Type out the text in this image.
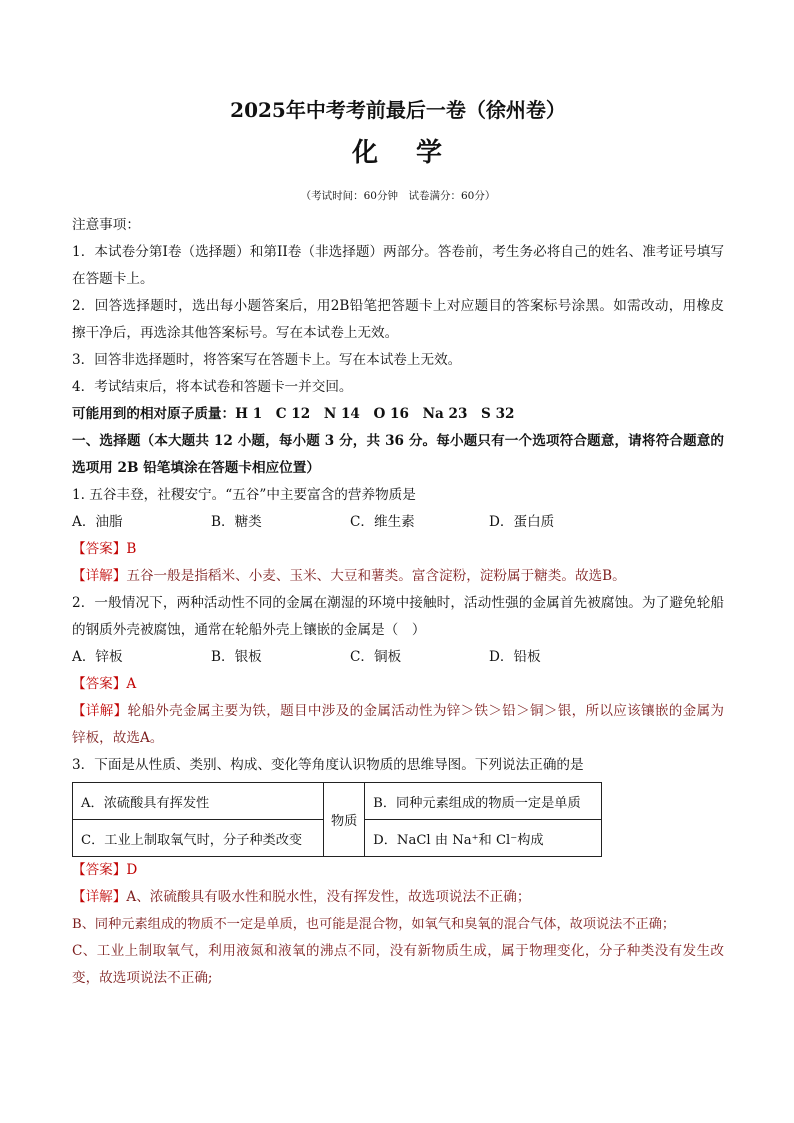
2025年中考考前最后一卷（徐州卷）
化 学
（考试时间：60分钟　试卷满分：60分）

注意事项：

1．本试卷分第I卷（选择题）和第II卷（非选择题）两部分。答卷前，考生务必将自己的姓名、准考证号填写在答题卡上。

2．回答选择题时，选出每小题答案后，用2B铅笔把答题卡上对应题目的答案标号涂黑。如需改动，用橡皮擦干净后，再选涂其他答案标号。写在本试卷上无效。

3．回答非选择题时，将答案写在答题卡上。写在本试卷上无效。

4．考试结束后，将本试卷和答题卡一并交回。

可能用到的相对原子质量：H 1　C 12　N 14　O 16　Na 23　S 32

一、选择题（本大题共 12 小题，每小题 3 分，共 36 分。每小题只有一个选项符合题意，请将符合题意的选项用 2B 铅笔填涂在答题卡相应位置）

1. 五谷丰登，社稷安宁。“五谷”中主要富含的营养物质是

A．油脂	B．糖类	C．维生素	D．蛋白质

【答案】B

【详解】五谷一般是指稻米、小麦、玉米、大豆和薯类。富含淀粉，淀粉属于糖类。故选B。

2．一般情况下，两种活动性不同的金属在潮湿的环境中接触时，活动性强的金属首先被腐蚀。为了避免轮船的钢质外壳被腐蚀，通常在轮船外壳上镶嵌的金属是（　）

A．锌板	B．银板	C．铜板	D．铅板

【答案】A

【详解】轮船外壳金属主要为铁，题目中涉及的金属活动性为锌＞铁＞铅＞铜＞银，所以应该镶嵌的金属为锌板，故选A。

3．下面是从性质、类别、构成、变化等角度认识物质的思维导图。下列说法正确的是

A．浓硫酸具有挥发性	物质	B．同种元素组成的物质一定是单质
C．工业上制取氧气时，分子种类改变		D．NaCl 由 Na⁺和 Cl⁻构成

【答案】D

【详解】A、浓硫酸具有吸水性和脱水性，没有挥发性，故选项说法不正确；

B、同种元素组成的物质不一定是单质，也可能是混合物，如氧气和臭氧的混合气体，故项说法不正确；

C、工业上制取氧气，利用液氮和液氧的沸点不同，没有新物质生成，属于物理变化，分子种类没有发生改变，故选项说法不正确;
